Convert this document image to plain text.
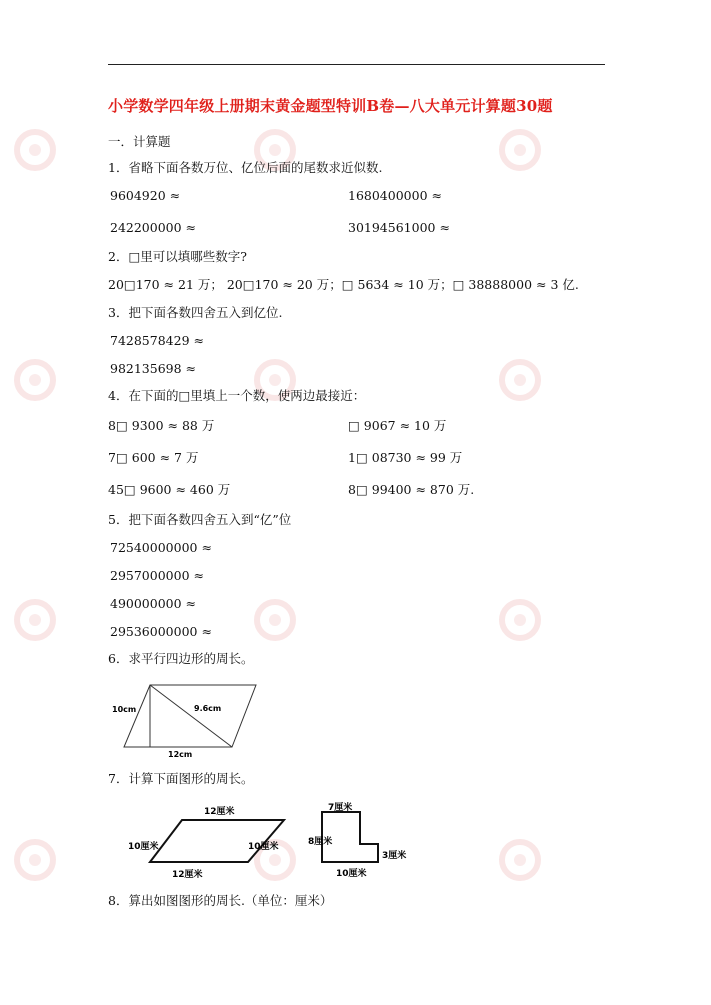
小学数学四年级上册期末黄金题型特训B卷—八大单元计算题30题
一．计算题
1．省略下面各数万位、亿位后面的尾数求近似数.
9604920 ≈	1680400000 ≈
242200000 ≈	30194561000 ≈
2．□里可以填哪些数字?
20□170 ≈ 21 万； 20□170 ≈ 20 万；□ 5634 ≈ 10 万；□ 38888000 ≈ 3 亿.
3．把下面各数四舍五入到亿位.
7428578429 ≈
982135698 ≈
4．在下面的□里填上一个数，使两边最接近：
8□ 9300 ≈ 88 万	□ 9067 ≈ 10 万
7□ 600 ≈ 7 万	1□ 08730 ≈ 99 万
45□ 9600 ≈ 460 万	8□ 99400 ≈ 870 万.
5．把下面各数四舍五入到“亿”位
72540000000 ≈
2957000000 ≈
490000000 ≈
29536000000 ≈
6．求平行四边形的周长。
10cm	9.6cm
12cm
7．计算下面图形的周长。
12厘米
10厘米	10厘米
12厘米
7厘米
8厘米
3厘米
10厘米
8．算出如图图形的周长.（单位：厘米）
